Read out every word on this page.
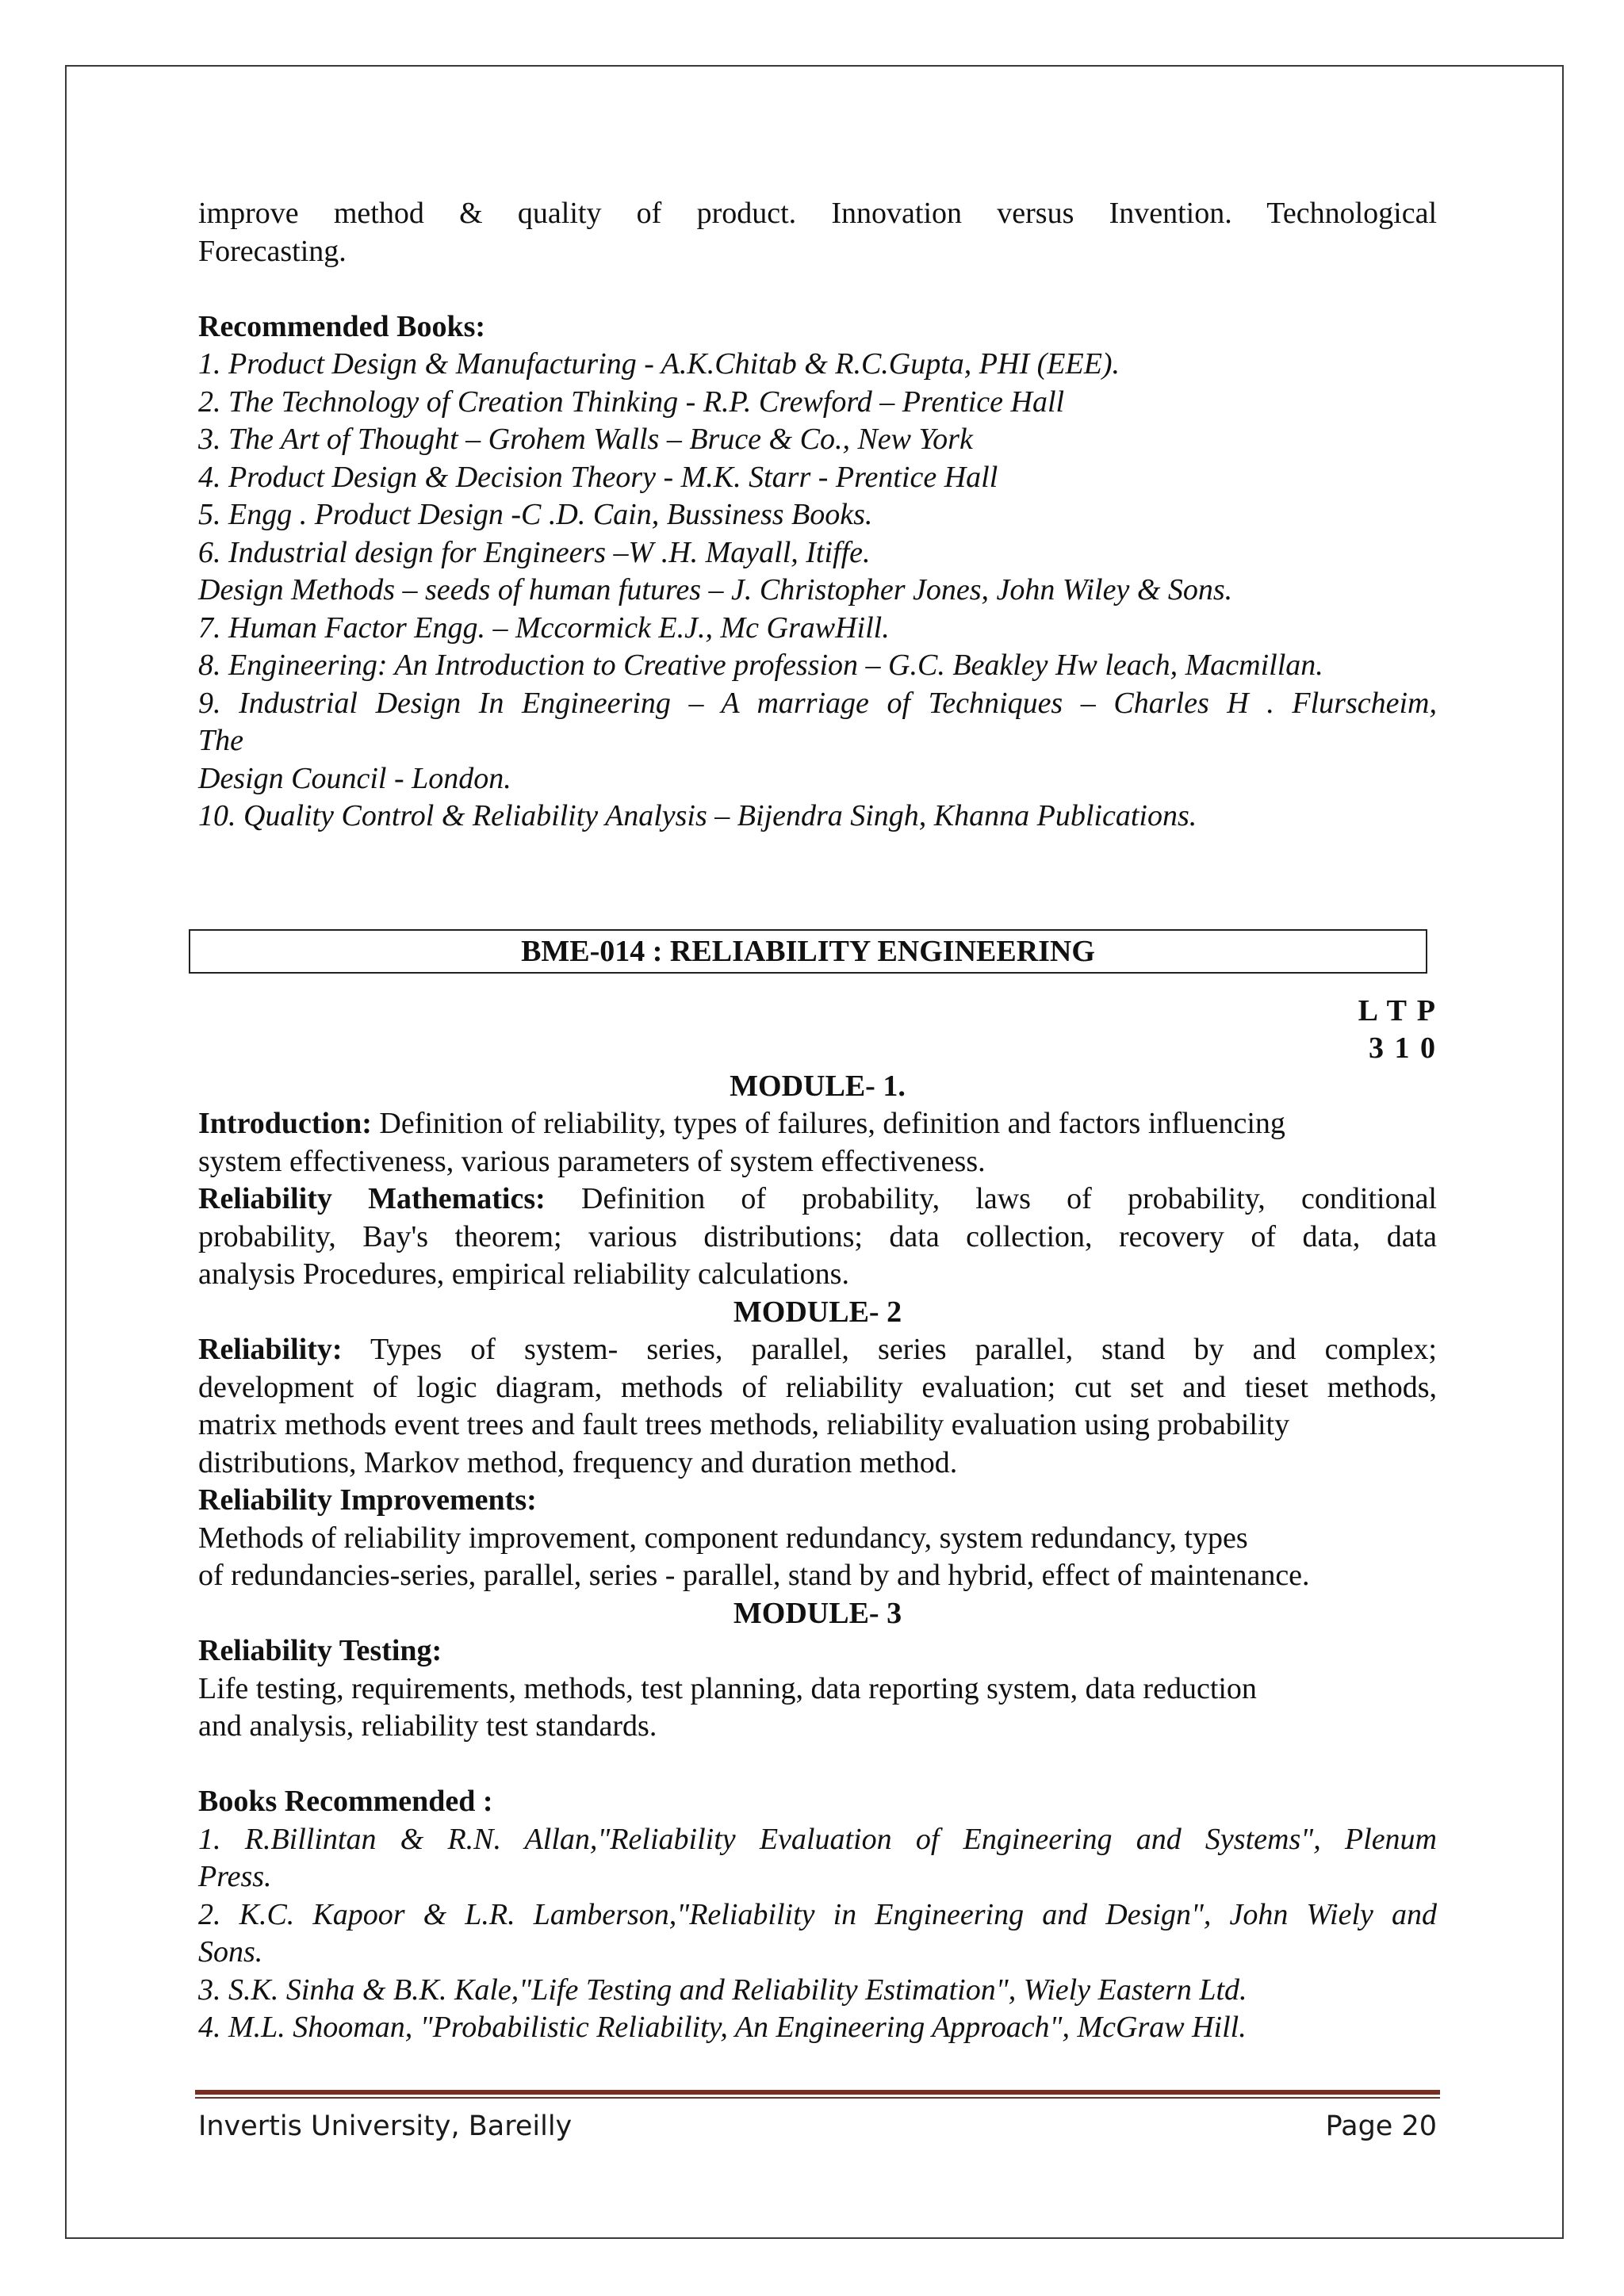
improve method & quality of product. Innovation versus Invention. Technological
Forecasting.
Recommended Books:
1. Product Design & Manufacturing - A.K.Chitab & R.C.Gupta, PHI (EEE).
2. The Technology of Creation Thinking - R.P. Crewford – Prentice Hall
3. The Art of Thought – Grohem Walls – Bruce & Co., New York
4. Product Design & Decision Theory - M.K. Starr - Prentice Hall
5. Engg . Product Design -C .D. Cain, Bussiness Books.
6. Industrial design for Engineers –W .H. Mayall, Itiffe.
Design Methods – seeds of human futures – J. Christopher Jones, John Wiley & Sons.
7. Human Factor Engg. – Mccormick E.J., Mc GrawHill.
8. Engineering: An Introduction to Creative profession – G.C. Beakley Hw leach, Macmillan.
9. Industrial Design In Engineering – A marriage of Techniques – Charles H . Flurscheim,
The
Design Council - London.
10. Quality Control & Reliability Analysis – Bijendra Singh, Khanna Publications.
BME-014 : RELIABILITY ENGINEERING
L T P
3 1 0
MODULE- 1.
Introduction: Definition of reliability, types of failures, definition and factors influencing
system effectiveness, various parameters of system effectiveness.
Reliability Mathematics: Definition of probability, laws of probability, conditional
probability, Bay's theorem; various distributions; data collection, recovery of data, data
analysis Procedures, empirical reliability calculations.
MODULE- 2
Reliability: Types of system- series, parallel, series parallel, stand by and complex;
development of logic diagram, methods of reliability evaluation; cut set and tieset methods,
matrix methods event trees and fault trees methods, reliability evaluation using probability
distributions, Markov method, frequency and duration method.
Reliability Improvements:
Methods of reliability improvement, component redundancy, system redundancy, types
of redundancies-series, parallel, series - parallel, stand by and hybrid, effect of maintenance.
MODULE- 3
Reliability Testing:
Life testing, requirements, methods, test planning, data reporting system, data reduction
and analysis, reliability test standards.
Books Recommended :
1. R.Billintan & R.N. Allan,"Reliability Evaluation of Engineering and Systems", Plenum
Press.
2. K.C. Kapoor & L.R. Lamberson,"Reliability in Engineering and Design", John Wiely and
Sons.
3. S.K. Sinha & B.K. Kale,"Life Testing and Reliability Estimation", Wiely Eastern Ltd.
4. M.L. Shooman, "Probabilistic Reliability, An Engineering Approach", McGraw Hill.
Invertis University, Bareilly	Page 20
